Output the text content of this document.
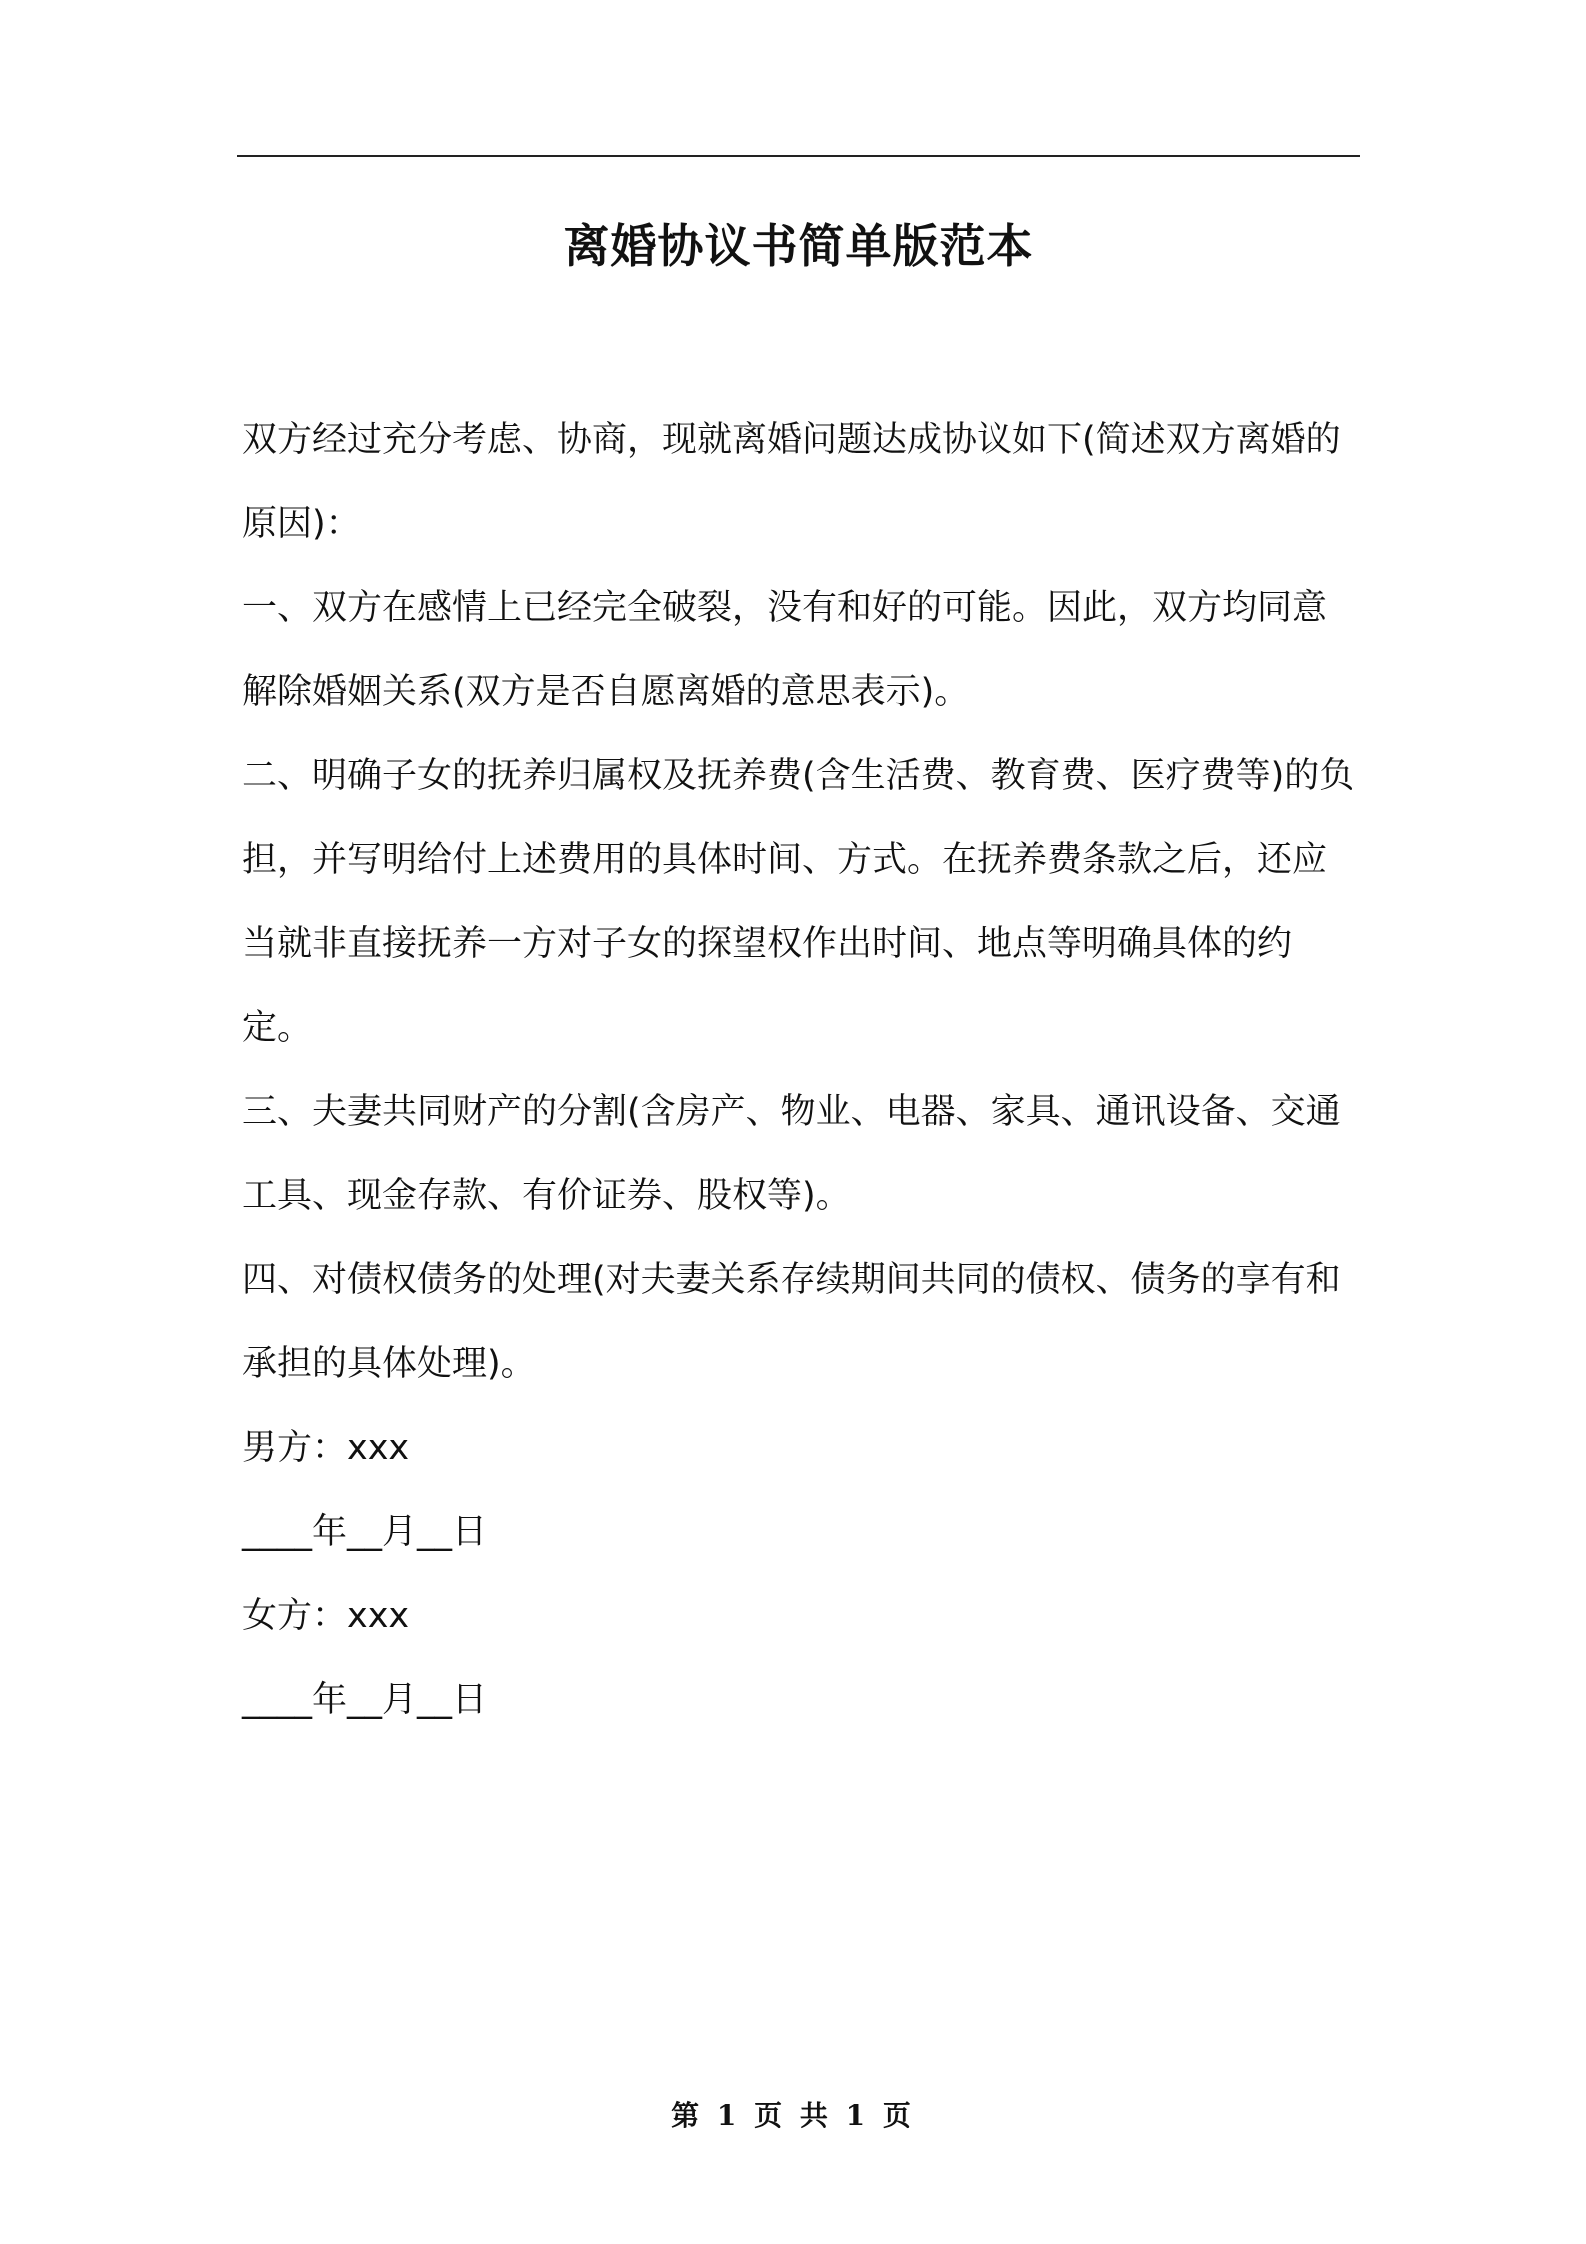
离婚协议书简单版范本

双方经过充分考虑、协商，现就离婚问题达成协议如下(简述双方离婚的原因)：

一、双方在感情上已经完全破裂，没有和好的可能。因此，双方均同意解除婚姻关系(双方是否自愿离婚的意思表示)。

二、明确子女的抚养归属权及抚养费(含生活费、教育费、医疗费等)的负担，并写明给付上述费用的具体时间、方式。在抚养费条款之后，还应当就非直接抚养一方对子女的探望权作出时间、地点等明确具体的约定。

三、夫妻共同财产的分割(含房产、物业、电器、家具、通讯设备、交通工具、现金存款、有价证券、股权等)。

四、对债权债务的处理(对夫妻关系存续期间共同的债权、债务的享有和承担的具体处理)。

男方：xxx

____年__月__日

女方：xxx

____年__月__日

第 1 页 共 1 页
